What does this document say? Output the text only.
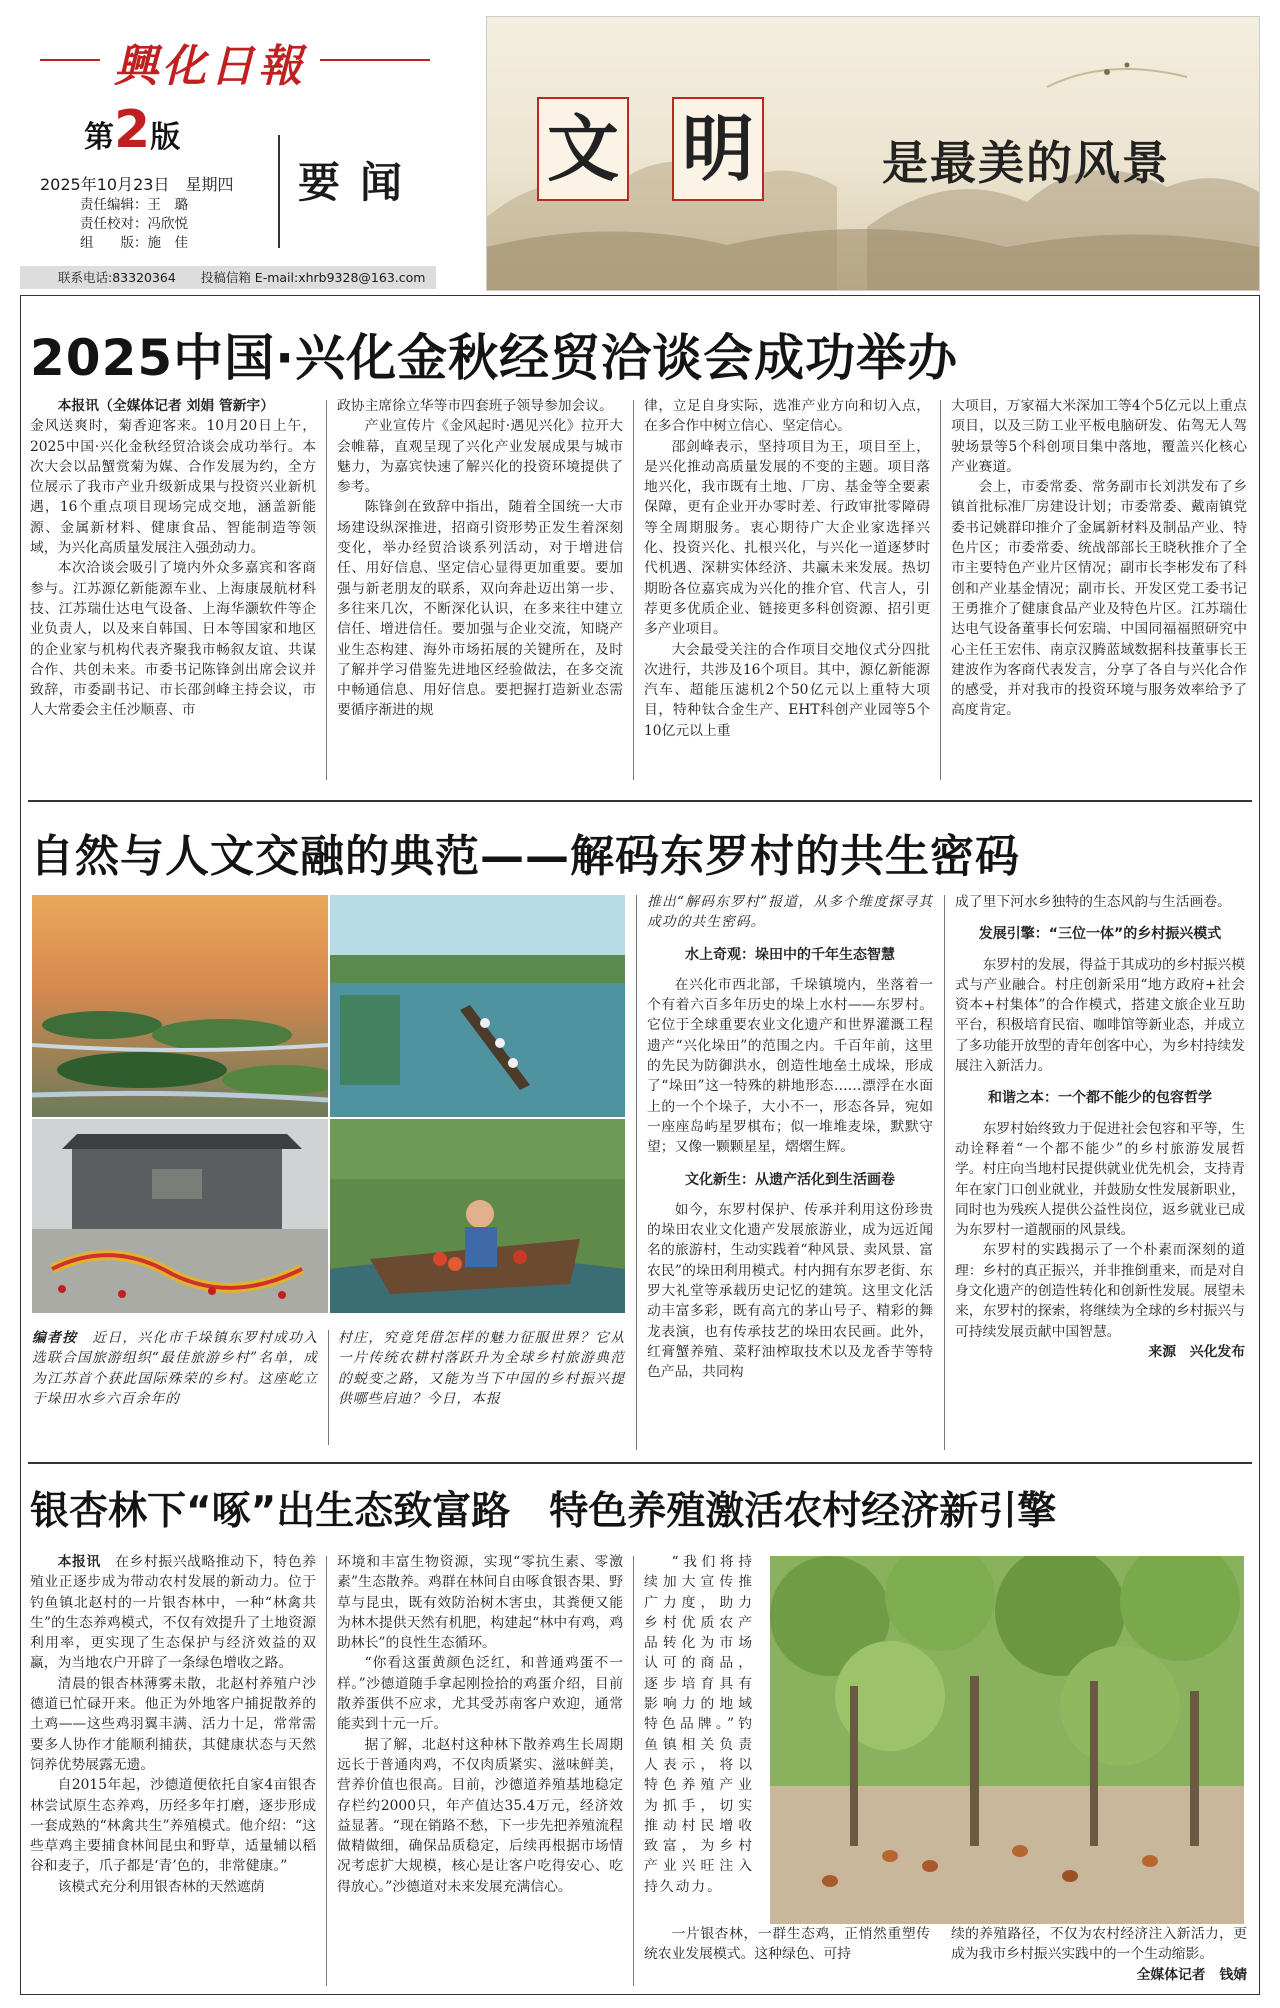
興化日報
第2版
2025年10月23日　星期四
责任编辑：王　璐
责任校对：冯欣悦
组　　版：施　佳
要闻
联系电话:83320364　　投稿信箱 E-mail:xhrb9328@163.com
文 明	是最美的风景
2025中国·兴化金秋经贸洽谈会成功举办

本报讯（全媒体记者 刘娟 管新宇）

金风送爽时，菊香迎客来。10月20日上午，2025中国·兴化金秋经贸洽谈会成功举行。本次大会以品蟹赏菊为媒、合作发展为约，全方位展示了我市产业升级新成果与投资兴业新机遇，16个重点项目现场完成交地，涵盖新能源、金属新材料、健康食品、智能制造等领域，为兴化高质量发展注入强劲动力。

本次洽谈会吸引了境内外众多嘉宾和客商参与。江苏源亿新能源车业、上海康晟航材科技、江苏瑞仕达电气设备、上海华灏软件等企业负责人，以及来自韩国、日本等国家和地区的企业家与机构代表齐聚我市畅叙友谊、共谋合作、共创未来。市委书记陈锋剑出席会议并致辞，市委副书记、市长邵剑峰主持会议，市人大常委会主任沙顺喜、市

政协主席徐立华等市四套班子领导参加会议。

产业宣传片《金风起时·遇见兴化》拉开大会帷幕，直观呈现了兴化产业发展成果与城市魅力，为嘉宾快速了解兴化的投资环境提供了参考。

陈锋剑在致辞中指出，随着全国统一大市场建设纵深推进，招商引资形势正发生着深刻变化，举办经贸洽谈系列活动，对于增进信任、用好信息、坚定信心显得更加重要。要加强与新老朋友的联系，双向奔赴迈出第一步、多往来几次，不断深化认识，在多来往中建立信任、增进信任。要加强与企业交流，知晓产业生态构建、海外市场拓展的关键所在，及时了解并学习借鉴先进地区经验做法，在多交流中畅通信息、用好信息。要把握打造新业态需要循序渐进的规

律，立足自身实际，选准产业方向和切入点，在多合作中树立信心、坚定信心。

邵剑峰表示，坚持项目为王，项目至上，是兴化推动高质量发展的不变的主题。项目落地兴化，我市既有土地、厂房、基金等全要素保障，更有企业开办零时差、行政审批零障碍等全周期服务。衷心期待广大企业家选择兴化、投资兴化、扎根兴化，与兴化一道逐梦时代机遇、深耕实体经济、共赢未来发展。热切期盼各位嘉宾成为兴化的推介官、代言人，引荐更多优质企业、链接更多科创资源、招引更多产业项目。

大会最受关注的合作项目交地仪式分四批次进行，共涉及16个项目。其中，源亿新能源汽车、超能压滤机2个50亿元以上重特大项目，特种钛合金生产、EHT科创产业园等5个10亿元以上重

大项目，万家福大米深加工等4个5亿元以上重点项目，以及三防工业平板电脑研发、佑驾无人驾驶场景等5个科创项目集中落地，覆盖兴化核心产业赛道。

会上，市委常委、常务副市长刘洪发布了乡镇首批标准厂房建设计划；市委常委、戴南镇党委书记姚群印推介了金属新材料及制品产业、特色片区；市委常委、统战部部长王晓秋推介了全市主要特色产业片区情况；副市长李彬发布了科创和产业基金情况；副市长、开发区党工委书记王勇推介了健康食品产业及特色片区。江苏瑞仕达电气设备董事长何宏瑞、中国同福福照研究中心主任王宏伟、南京汉腾蓝域数据科技董事长王建波作为客商代表发言，分享了各自与兴化合作的感受，并对我市的投资环境与服务效率给予了高度肯定。

自然与人文交融的典范——解码东罗村的共生密码

编者按　 近日，兴化市千垛镇东罗村成功入选联合国旅游组织“最佳旅游乡村”名单，成为江苏首个获此国际殊荣的乡村。这座屹立于垛田水乡六百余年的

村庄，究竟凭借怎样的魅力征服世界？它从一片传统农耕村落跃升为全球乡村旅游典范的蜕变之路，又能为当下中国的乡村振兴提供哪些启迪？今日，本报

推出“解码东罗村”报道，从多个维度探寻其成功的共生密码。

水上奇观：垛田中的千年生态智慧

在兴化市西北部，千垛镇境内，坐落着一个有着六百多年历史的垛上水村——东罗村。它位于全球重要农业文化遗产和世界灌溉工程遗产“兴化垛田”的范围之内。千百年前，这里的先民为防御洪水，创造性地垒土成垛，形成了“垛田”这一特殊的耕地形态……漂浮在水面上的一个个垛子，大小不一，形态各异，宛如一座座岛屿星罗棋布；似一堆堆麦垛，默默守望；又像一颗颗星星，熠熠生辉。

文化新生：从遗产活化到生活画卷

如今，东罗村保护、传承并利用这份珍贵的垛田农业文化遗产发展旅游业，成为远近闻名的旅游村，生动实践着“种风景、卖风景、富农民”的垛田利用模式。村内拥有东罗老街、东罗大礼堂等承载历史记忆的建筑。这里文化活动丰富多彩，既有高亢的茅山号子、精彩的舞龙表演，也有传承技艺的垛田农民画。此外，红膏蟹养殖、菜籽油榨取技术以及龙香芋等特色产品，共同构

成了里下河水乡独特的生态风韵与生活画卷。

发展引擎：“三位一体”的乡村振兴模式

东罗村的发展，得益于其成功的乡村振兴模式与产业融合。村庄创新采用“地方政府+社会资本+村集体”的合作模式，搭建文旅企业互助平台，积极培育民宿、咖啡馆等新业态，并成立了多功能开放型的青年创客中心，为乡村持续发展注入新活力。

和谐之本：一个都不能少的包容哲学

东罗村始终致力于促进社会包容和平等，生动诠释着“一个都不能少”的乡村旅游发展哲学。村庄向当地村民提供就业优先机会，支持青年在家门口创业就业，并鼓励女性发展新职业，同时也为残疾人提供公益性岗位，返乡就业已成为东罗村一道靓丽的风景线。

东罗村的实践揭示了一个朴素而深刻的道理：乡村的真正振兴，并非推倒重来，而是对自身文化遗产的创造性转化和创新性发展。展望未来，东罗村的探索，将继续为全球的乡村振兴与可持续发展贡献中国智慧。

来源　兴化发布

银杏林下“啄”出生态致富路　特色养殖激活农村经济新引擎

本报讯　 在乡村振兴战略推动下，特色养殖业正逐步成为带动农村发展的新动力。位于钓鱼镇北赵村的一片银杏林中，一种“林禽共生”的生态养鸡模式，不仅有效提升了土地资源利用率，更实现了生态保护与经济效益的双赢，为当地农户开辟了一条绿色增收之路。

清晨的银杏林薄雾未散，北赵村养殖户沙德道已忙碌开来。他正为外地客户捕捉散养的土鸡——这些鸡羽翼丰满、活力十足，常常需要多人协作才能顺利捕获，其健康状态与天然饲养优势展露无遗。

自2015年起，沙德道便依托自家4亩银杏林尝试原生态养鸡，历经多年打磨，逐步形成一套成熟的“林禽共生”养殖模式。他介绍：“这些草鸡主要捕食林间昆虫和野草，适量辅以稻谷和麦子，爪子都是‘青’色的，非常健康。”

该模式充分利用银杏林的天然遮荫

环境和丰富生物资源，实现“零抗生素、零激素”生态散养。鸡群在林间自由啄食银杏果、野草与昆虫，既有效防治树木害虫，其粪便又能为林木提供天然有机肥，构建起“林中有鸡，鸡助林长”的良性生态循环。

“你看这蛋黄颜色泛红，和普通鸡蛋不一样。”沙德道随手拿起刚捡拾的鸡蛋介绍，目前散养蛋供不应求，尤其受苏南客户欢迎，通常能卖到十元一斤。

据了解，北赵村这种林下散养鸡生长周期远长于普通肉鸡，不仅肉质紧实、滋味鲜美，营养价值也很高。目前，沙德道养殖基地稳定存栏约2000只，年产值达35.4万元，经济效益显著。“现在销路不愁，下一步先把养殖流程做精做细，确保品质稳定，后续再根据市场情况考虑扩大规模，核心是让客户吃得安心、吃得放心。”沙德道对未来发展充满信心。

“我们将持续加大宣传推广力度，助力乡村优质农产品转化为市场认可的商品，逐步培育具有影响力的地域特色品牌。”钓鱼镇相关负责人表示，将以特色养殖产业为抓手，切实推动村民增收致富，为乡村产业兴旺注入持久动力。

一片银杏林，一群生态鸡，正悄然重塑传统农业发展模式。这种绿色、可持

续的养殖路径，不仅为农村经济注入新活力，更成为我市乡村振兴实践中的一个生动缩影。
全媒体记者　钱婧
